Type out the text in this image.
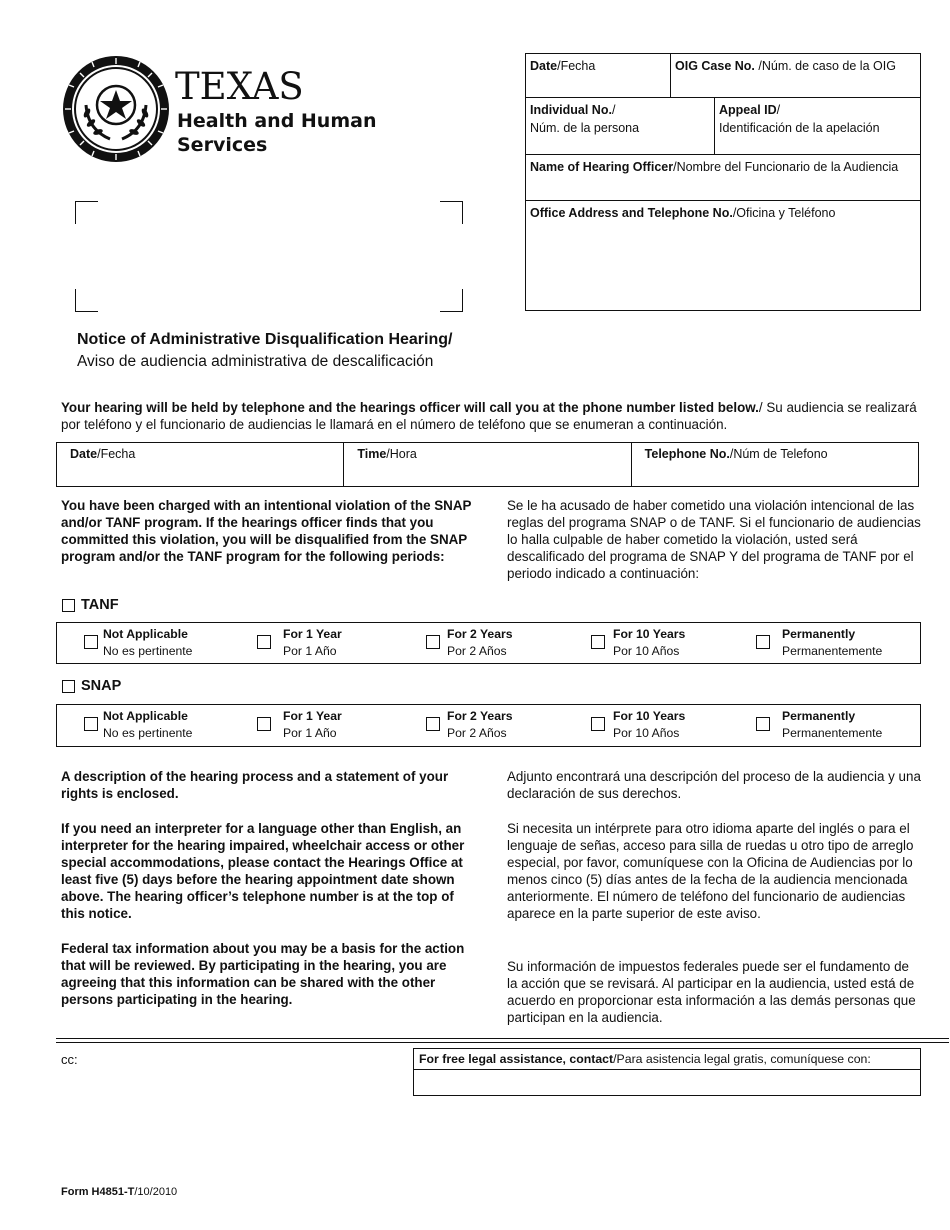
TEXAS
Health and Human
Services
Date/Fecha	OIG Case No. /Núm. de caso de la OIG
Individual No./
Núm. de la persona
Appeal ID/
Identificación de la apelación
Name of Hearing Officer/Nombre del Funcionario de la Audiencia
Office Address and Telephone No./Oficina y Teléfono
Notice of Administrative Disqualification Hearing/
Aviso de audiencia administrativa de descalificación
Your hearing will be held by telephone and the hearings officer will call you at the phone number listed below./ Su audiencia se realizará por teléfono y el funcionario de audiencias le llamará en el número de teléfono que se enumeran a continuación.
Date/Fecha	Time/Hora	Telephone No./Núm de Telefono
You have been charged with an intentional violation of the SNAP and/or TANF program. If the hearings officer finds that you committed this violation, you will be disqualified from the SNAP program and/or the TANF program for the following periods:
Se le ha acusado de haber cometido una violación intencional de las reglas del programa SNAP o de TANF. Si el funcionario de audiencias lo halla culpable de haber cometido la violación, usted será descalificado del programa de SNAP Y del programa de TANF por el periodo indicado a continuación:
TANF
Not Applicable
No es pertinente
For 1 Year
Por 1 Año
For 2 Years
Por 2 Años
For 10 Years
Por 10 Años
Permanently
Permanentemente
SNAP
Not Applicable
No es pertinente
For 1 Year
Por 1 Año
For 2 Years
Por 2 Años
For 10 Years
Por 10 Años
Permanently
Permanentemente
A description of the hearing process and a statement of your rights is enclosed.
Adjunto encontrará una descripción del proceso de la audiencia y una declaración de sus derechos.
If you need an interpreter for a language other than English, an interpreter for the hearing impaired, wheelchair access or other special accommodations, please contact the Hearings Office at least five (5) days before the hearing appointment date shown above. The hearing officer’s telephone number is at the top of this notice.
Si necesita un intérprete para otro idioma aparte del inglés o para el lenguaje de señas, acceso para silla de ruedas u otro tipo de arreglo especial, por favor, comuníquese con la Oficina de Audiencias por lo menos cinco (5) días antes de la fecha de la audiencia mencionada anteriormente. El número de teléfono del funcionario de audiencias aparece en la parte superior de este aviso.
Federal tax information about you may be a basis for the action that will be reviewed. By participating in the hearing, you are agreeing that this information can be shared with the other persons participating in the hearing.
Su información de impuestos federales puede ser el fundamento de la acción que se revisará. Al participar en la audiencia, usted está de acuerdo en proporcionar esta información a las demás personas que participan en la audiencia.
cc:	For free legal assistance, contact/Para asistencia legal gratis, comuníquese con:
Form H4851-T/10/2010
